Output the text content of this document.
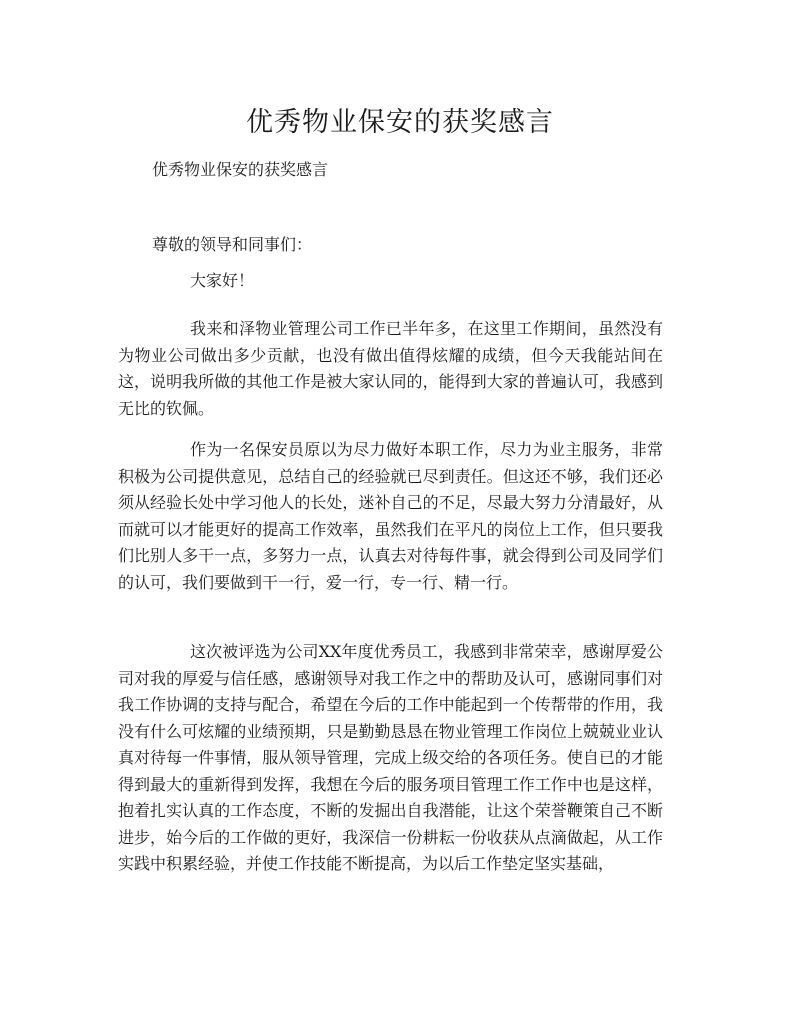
优秀物业保安的获奖感言
优秀物业保安的获奖感言
尊敬的领导和同事们：
大家好！

我来和泽物业管理公司工作已半年多，在这里工作期间，虽然没有为物业公司做出多少贡献，也没有做出值得炫耀的成绩，但今天我能站间在这，说明我所做的其他工作是被大家认同的，能得到大家的普遍认可，我感到无比的钦佩。

作为一名保安员原以为尽力做好本职工作，尽力为业主服务，非常积极为公司提供意见，总结自己的经验就已尽到责任。但这还不够，我们还必须从经验长处中学习他人的长处，迷补自己的不足，尽最大努力分清最好，从而就可以才能更好的提高工作效率，虽然我们在平凡的岗位上工作，但只要我们比别人多干一点，多努力一点，认真去对待每件事，就会得到公司及同学们的认可，我们要做到干一行，爱一行，专一行、精一行。

这次被评选为公司XX年度优秀员工，我感到非常荣幸，感谢厚爱公司对我的厚爱与信任感，感谢领导对我工作之中的帮助及认可，感谢同事们对我工作协调的支持与配合，希望在今后的工作中能起到一个传帮带的作用，我没有什么可炫耀的业绩预期，只是勤勤恳恳在物业管理工作岗位上兢兢业业认真对待每一件事情，服从领导管理，完成上级交给的各项任务。使自已的才能得到最大的重新得到发挥，我想在今后的服务项目管理工作工作中也是这样，抱着扎实认真的工作态度，不断的发掘出自我潜能，让这个荣誉鞭策自己不断进步，始今后的工作做的更好，我深信一份耕耘一份收获从点滴做起，从工作实践中积累经验，并使工作技能不断提高，为以后工作垫定坚实基础，
